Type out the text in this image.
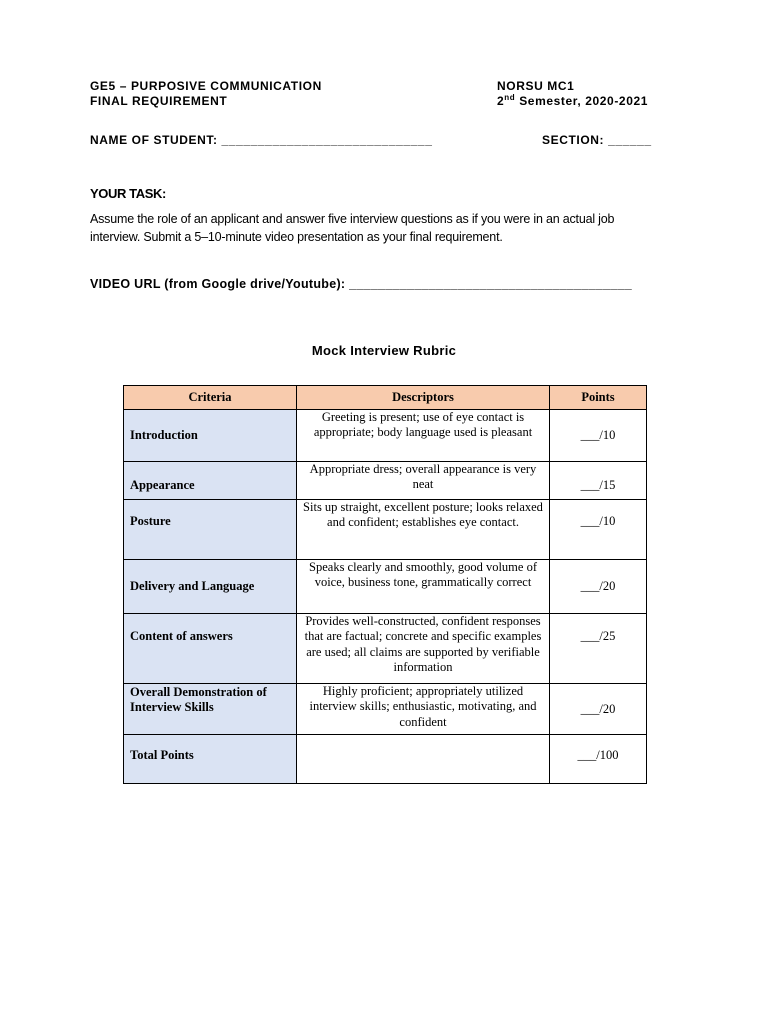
GE5 – PURPOSIVE COMMUNICATION
FINAL REQUIREMENT
NORSU MC1
2nd Semester, 2020-2021
NAME OF STUDENT: _____________________________	SECTION: ______
YOUR TASK:
Assume the role of an applicant and answer five interview questions as if you were in an actual job interview. Submit a 5–10-minute video presentation as your final requirement.
VIDEO URL (from Google drive/Youtube): _______________________________________
Mock Interview Rubric
Criteria	Descriptors	Points
Introduction	Greeting is present; use of eye contact is appropriate; body language used is pleasant	___/10
Appearance	Appropriate dress; overall appearance is very neat	___/15
Posture	Sits up straight, excellent posture; looks relaxed and confident; establishes eye contact.	___/10
Delivery and Language	Speaks clearly and smoothly, good volume of voice, business tone, grammatically correct	___/20
Content of answers	Provides well-constructed, confident responses that are factual; concrete and specific examples are used; all claims are supported by verifiable information	___/25
Overall Demonstration of Interview Skills	Highly proficient; appropriately utilized interview skills; enthusiastic, motivating, and confident	___/20
Total Points		___/100
